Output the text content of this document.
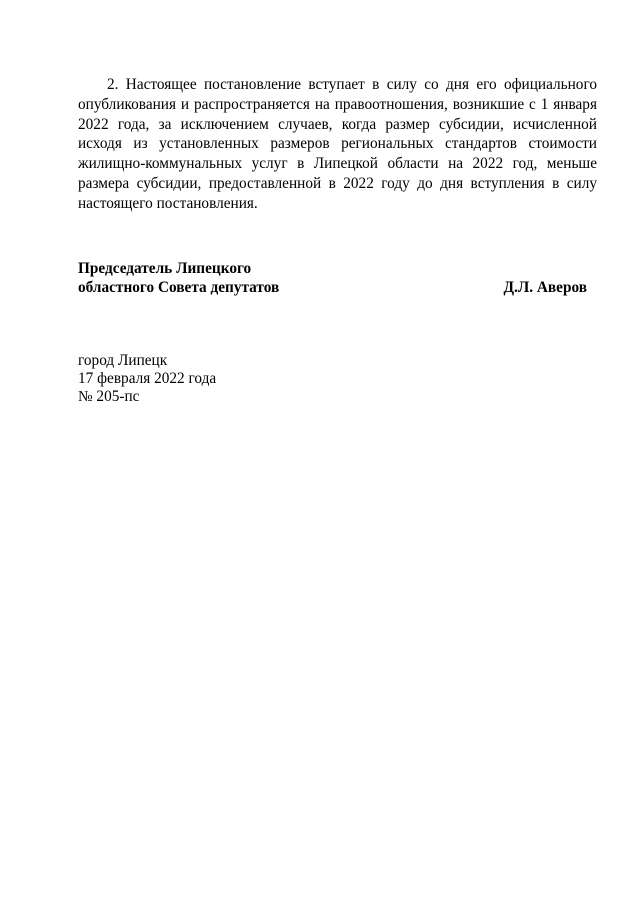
2. Настоящее постановление вступает в силу со дня его официального опубликования и распространяется на правоотношения, возникшие с 1 января 2022 года, за исключением случаев, когда размер субсидии, исчисленной исходя из установленных размеров региональных стандартов стоимости жилищно-коммунальных услуг в Липецкой области на 2022 год, меньше размера субсидии, предоставленной в 2022 году до дня вступления в силу настоящего постановления.

Председатель Липецкого
областного Совета депутатов	Д.Л. Аверов
город Липецк
17 февраля 2022 года
№ 205-пс
